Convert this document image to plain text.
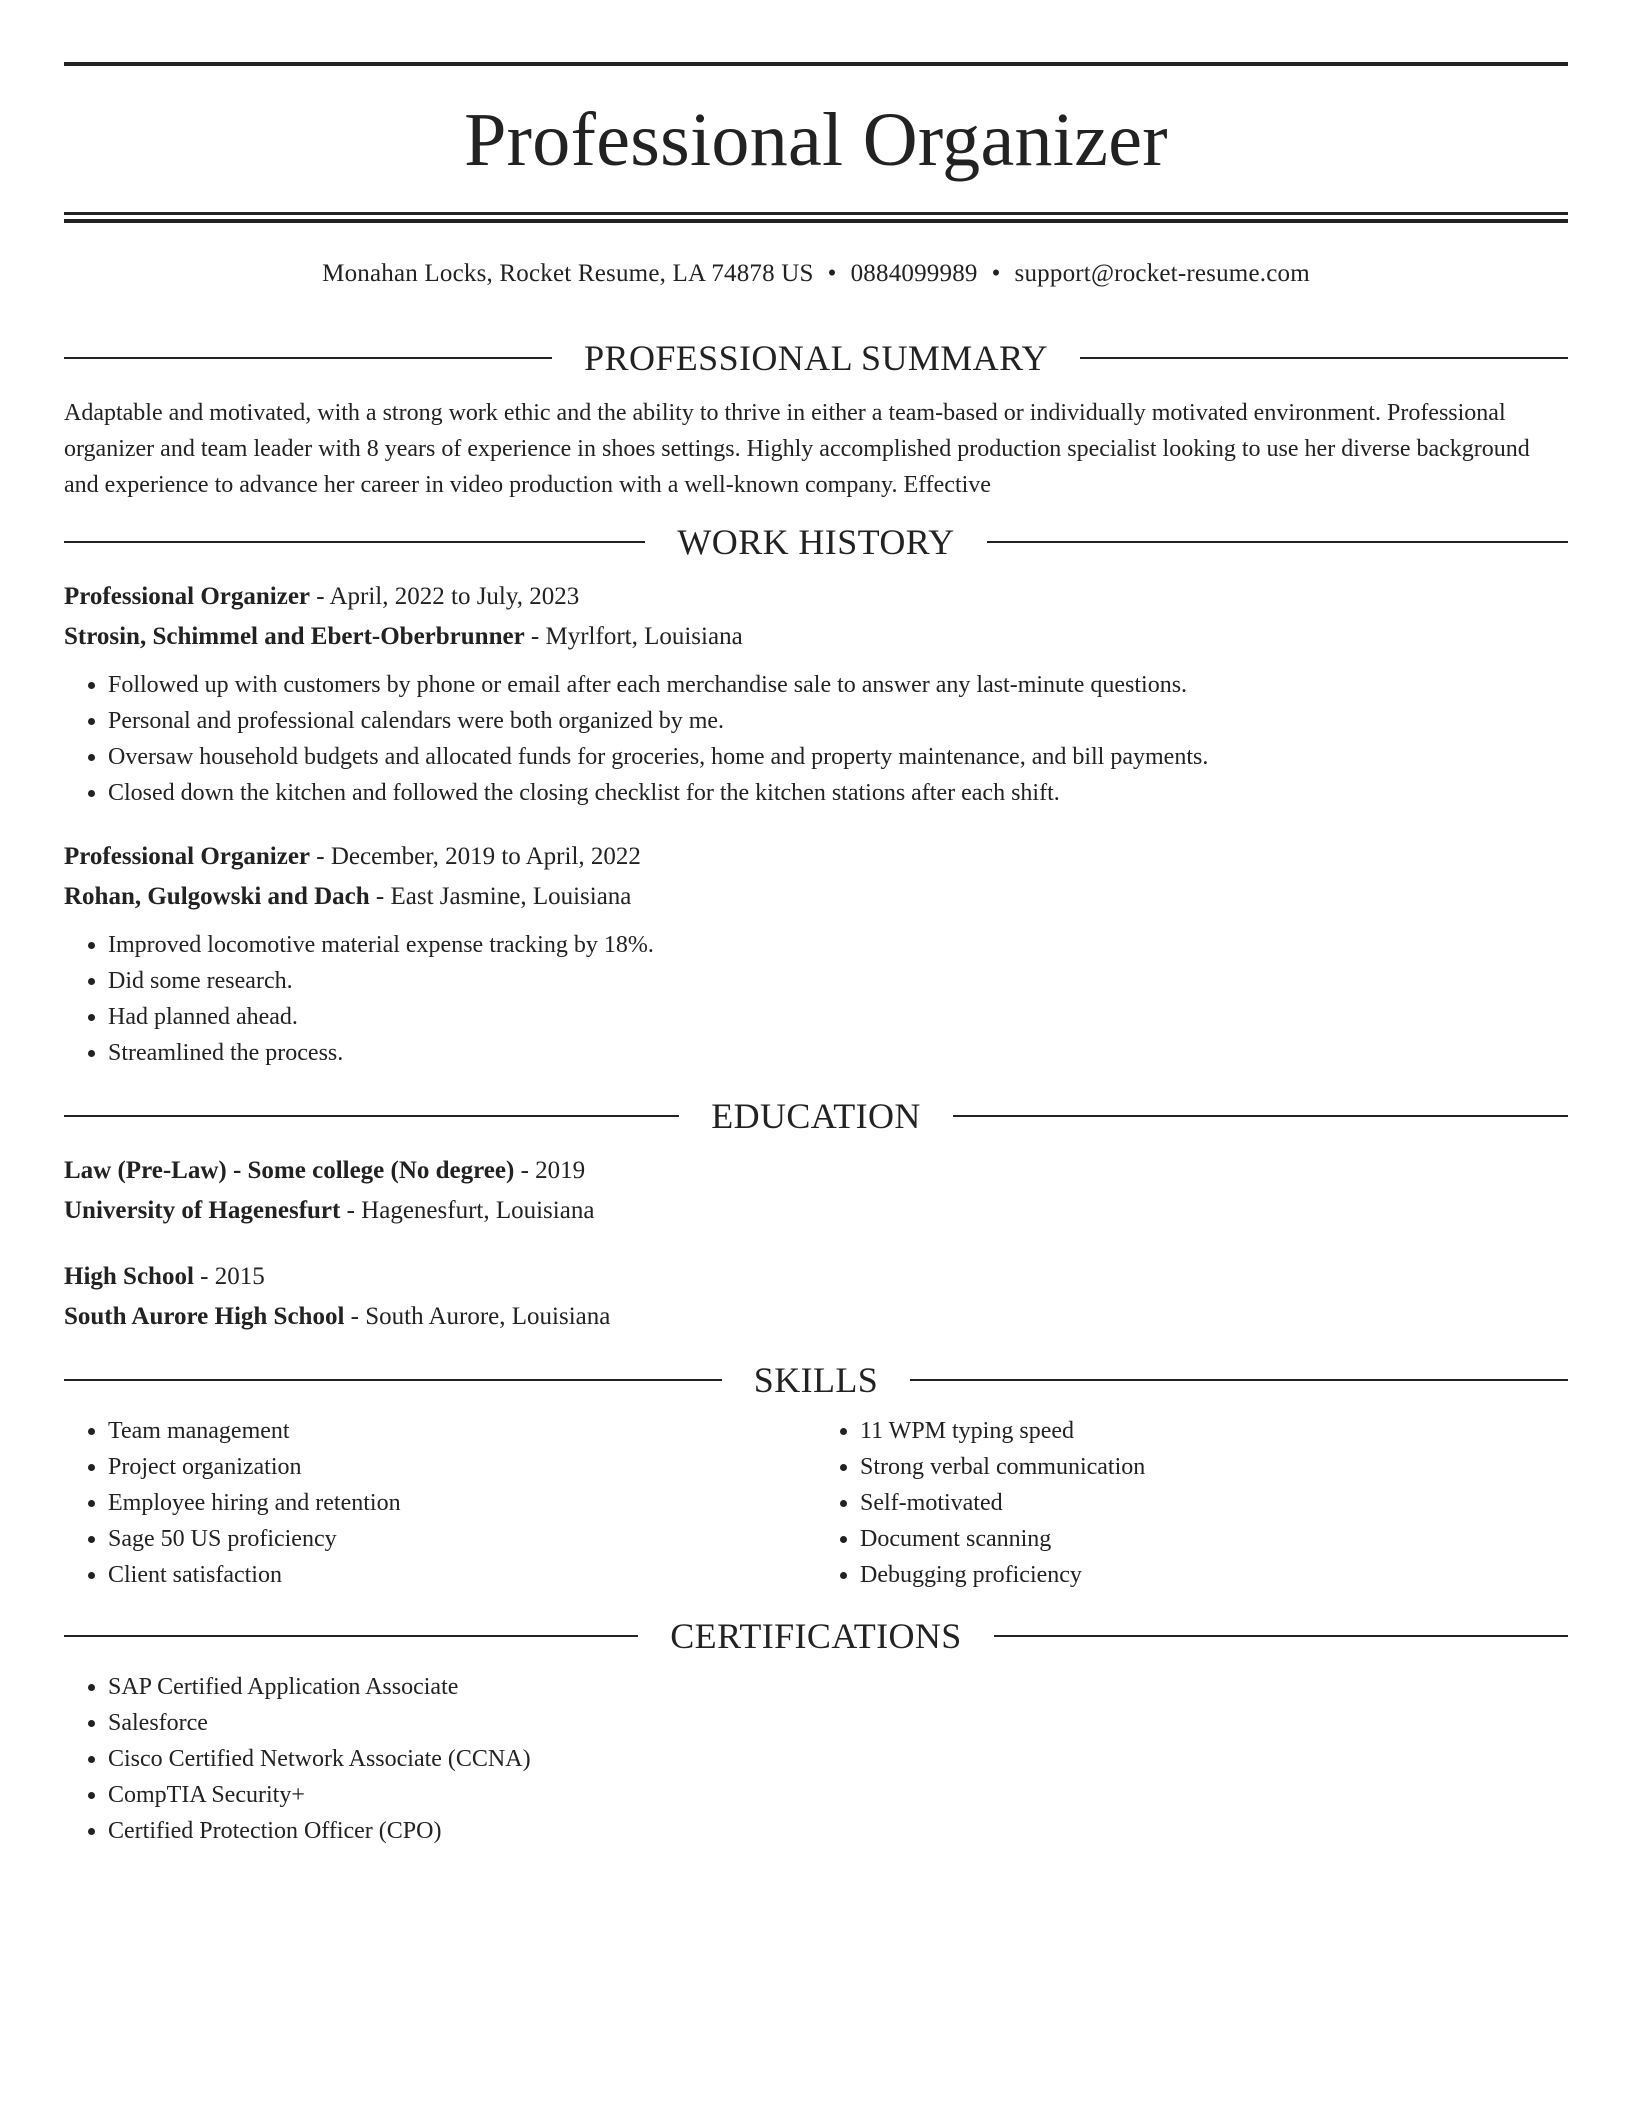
Professional Organizer
Monahan Locks, Rocket Resume, LA 74878 US • 0884099989 • support@rocket-resume.com
PROFESSIONAL SUMMARY
Adaptable and motivated, with a strong work ethic and the ability to thrive in either a team-based or individually motivated environment. Professional organizer and team leader with 8 years of experience in shoes settings. Highly accomplished production specialist looking to use her diverse background and experience to advance her career in video production with a well-known company. Effective
WORK HISTORY
Professional Organizer - April, 2022 to July, 2023
Strosin, Schimmel and Ebert-Oberbrunner - Myrlfort, Louisiana
• Followed up with customers by phone or email after each merchandise sale to answer any last-minute questions.
• Personal and professional calendars were both organized by me.
• Oversaw household budgets and allocated funds for groceries, home and property maintenance, and bill payments.
• Closed down the kitchen and followed the closing checklist for the kitchen stations after each shift.
Professional Organizer - December, 2019 to April, 2022
Rohan, Gulgowski and Dach - East Jasmine, Louisiana
• Improved locomotive material expense tracking by 18%.
• Did some research.
• Had planned ahead.
• Streamlined the process.
EDUCATION
Law (Pre-Law) - Some college (No degree) - 2019
University of Hagenesfurt - Hagenesfurt, Louisiana
High School - 2015
South Aurore High School - South Aurore, Louisiana
SKILLS
• Team management
• Project organization
• Employee hiring and retention
• Sage 50 US proficiency
• Client satisfaction
• 11 WPM typing speed
• Strong verbal communication
• Self-motivated
• Document scanning
• Debugging proficiency
CERTIFICATIONS
• SAP Certified Application Associate
• Salesforce
• Cisco Certified Network Associate (CCNA)
• CompTIA Security+
• Certified Protection Officer (CPO)
